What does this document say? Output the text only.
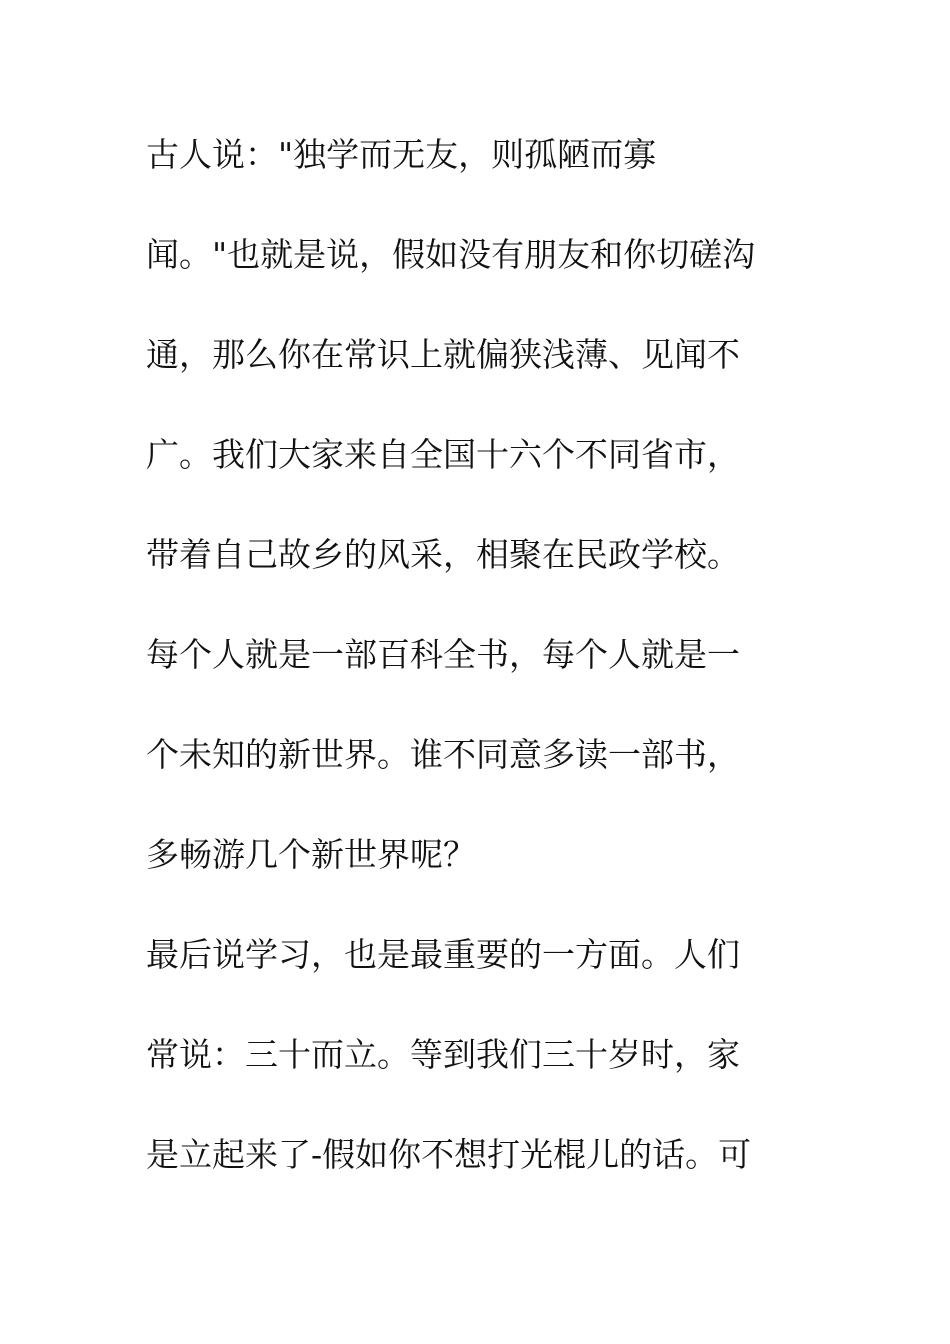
古人说："独学而无友，则孤陋而寡

闻。"也就是说，假如没有朋友和你切磋沟

通，那么你在常识上就偏狭浅薄、见闻不

广。我们大家来自全国十六个不同省市，

带着自己故乡的风采，相聚在民政学校。

每个人就是一部百科全书，每个人就是一

个未知的新世界。谁不同意多读一部书，

多畅游几个新世界呢？

最后说学习，也是最重要的一方面。人们

常说：三十而立。等到我们三十岁时，家

是立起来了-假如你不想打光棍儿的话。可
